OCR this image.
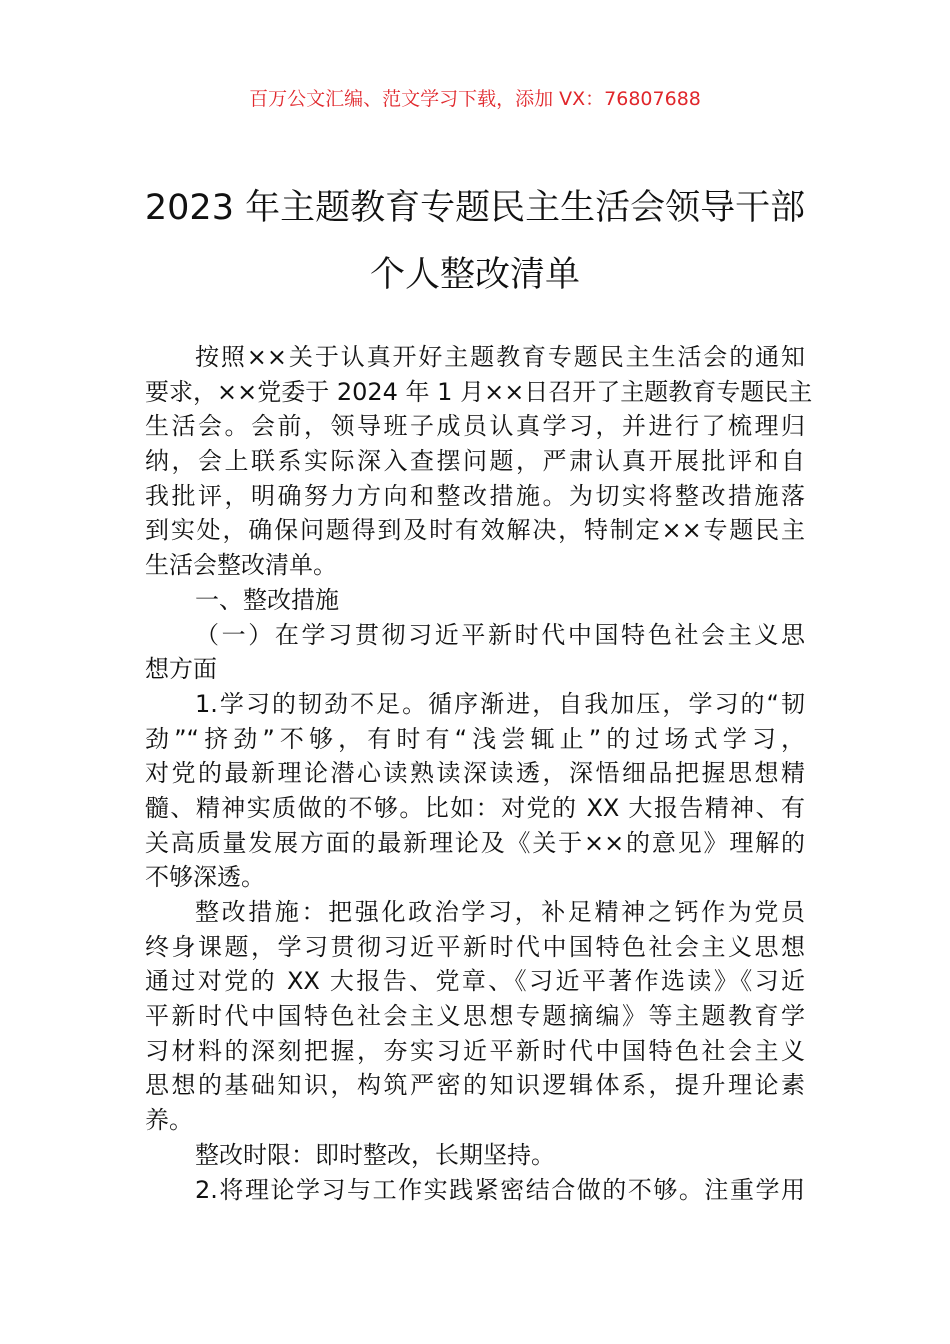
百万公文汇编、范文学习下载，添加 VX：76807688
2023 年主题教育专题民主生活会领导干部
个人整改清单
按照××关于认真开好主题教育专题民主生活会的通知
要求，××党委于 2024 年 1 月××日召开了主题教育专题民主
生活会。会前，领导班子成员认真学习，并进行了梳理归
纳，会上联系实际深入查摆问题，严肃认真开展批评和自
我批评，明确努力方向和整改措施。为切实将整改措施落
到实处，确保问题得到及时有效解决，特制定××专题民主
生活会整改清单。
一、整改措施
（一）在学习贯彻习近平新时代中国特色社会主义思
想方面
1.学习的韧劲不足。循序渐进，自我加压，学习的“韧
劲”“挤劲”不够，有时有“浅尝辄止”的过场式学习，
对党的最新理论潜心读熟读深读透，深悟细品把握思想精
髓、精神实质做的不够。比如：对党的 XX 大报告精神、有
关高质量发展方面的最新理论及《关于××的意见》理解的
不够深透。
整改措施：把强化政治学习，补足精神之钙作为党员
终身课题，学习贯彻习近平新时代中国特色社会主义思想
通过对党的 XX 大报告、党章、《习近平著作选读》《习近
平新时代中国特色社会主义思想专题摘编》等主题教育学
习材料的深刻把握，夯实习近平新时代中国特色社会主义
思想的基础知识，构筑严密的知识逻辑体系，提升理论素
养。
整改时限：即时整改，长期坚持。
2.将理论学习与工作实践紧密结合做的不够。注重学用
